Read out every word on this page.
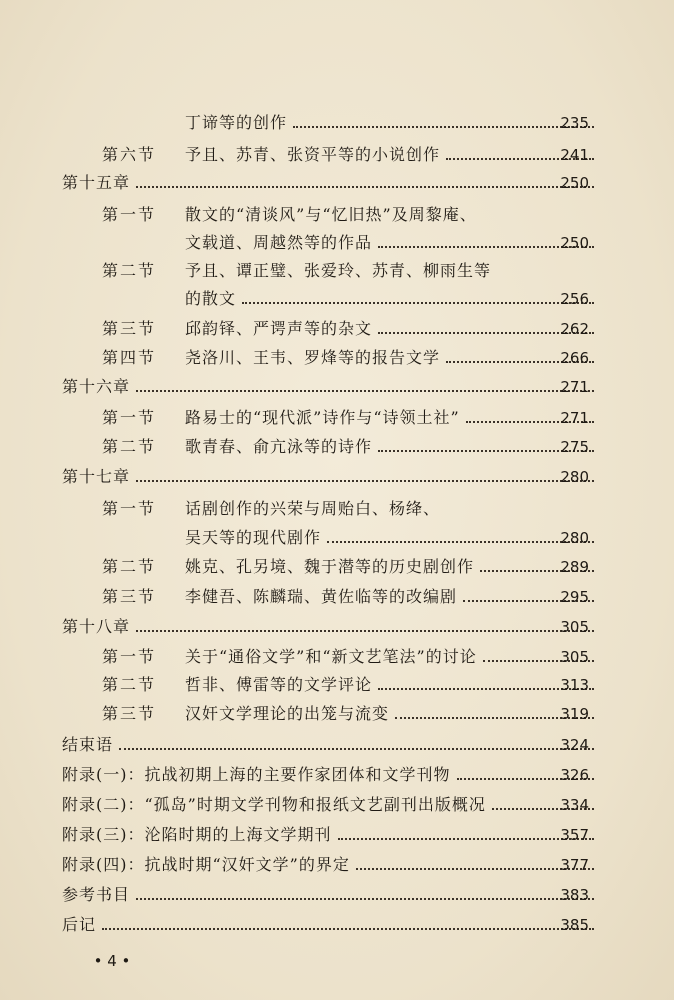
丁谛等的创作	235
第六节	予且、苏青、张资平等的小说创作	241
第十五章	250
第一节	散文的“清谈风”与“忆旧热”及周黎庵、
文载道、周越然等的作品	250
第二节	予且、谭正璧、张爱玲、苏青、柳雨生等
的散文	256
第三节	邱韵铎、严谔声等的杂文	262
第四节	尧洛川、王韦、罗烽等的报告文学	266
第十六章	271
第一节	路易士的“现代派”诗作与“诗领土社”	271
第二节	歌青春、俞亢泳等的诗作	275
第十七章	280
第一节	话剧创作的兴荣与周贻白、杨绛、
吴天等的现代剧作	280
第二节	姚克、孔另境、魏于潜等的历史剧创作	289
第三节	李健吾、陈麟瑞、黄佐临等的改编剧	295
第十八章	305
第一节	关于“通俗文学”和“新文艺笔法”的讨论	305
第二节	哲非、傅雷等的文学评论	313
第三节	汉奸文学理论的出笼与流变	319
结束语	324
附录(一)：抗战初期上海的主要作家团体和文学刊物	326
附录(二)：“孤岛”时期文学刊物和报纸文艺副刊出版概况	334
附录(三)：沦陷时期的上海文学期刊	357
附录(四)：抗战时期“汉奸文学”的界定	377
参考书目	383
后记	385
• 4 •
